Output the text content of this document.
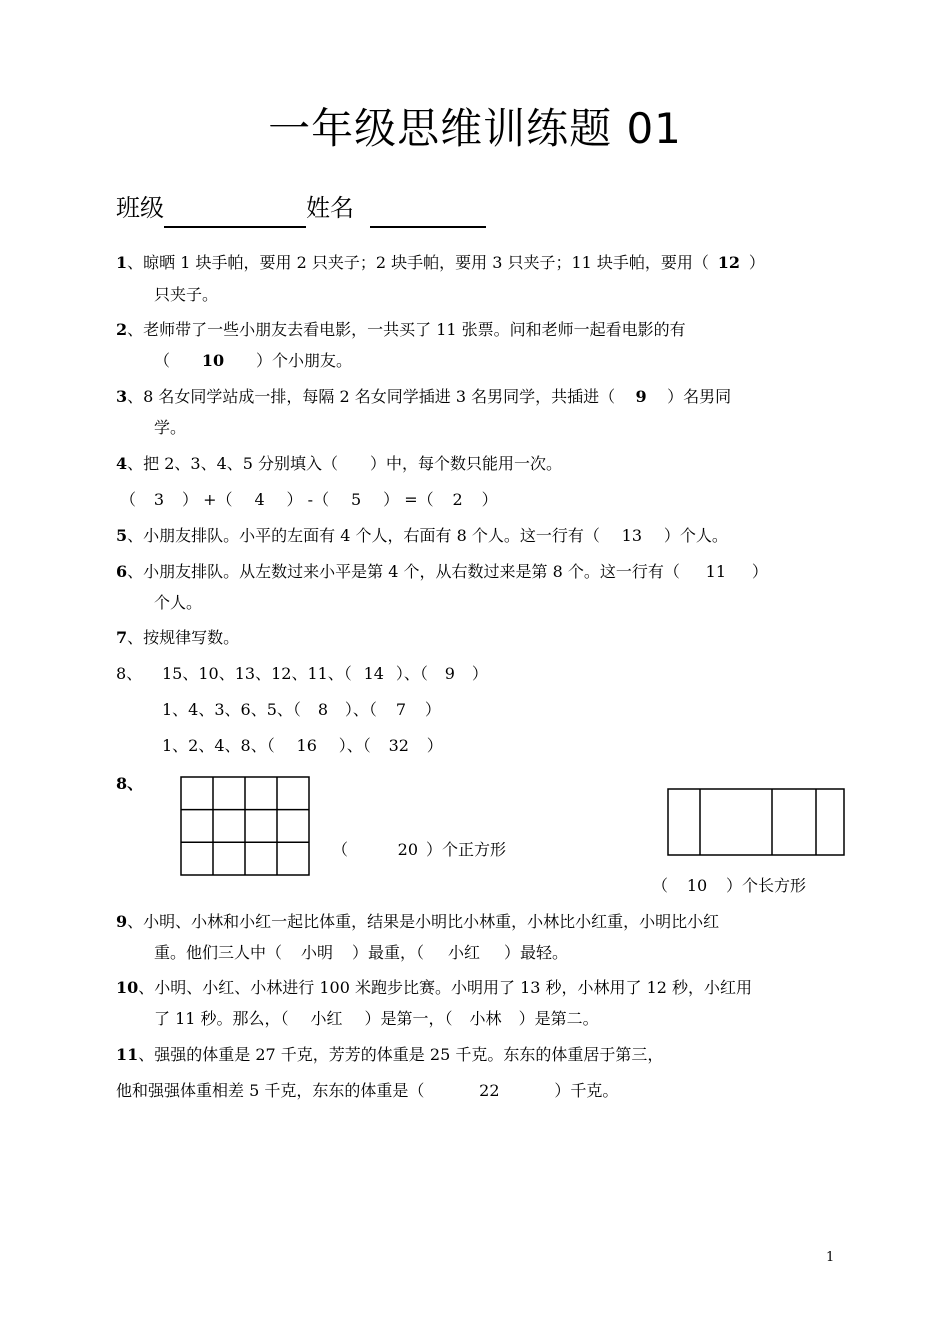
一年级思维训练题 01
班级	姓名
1、晾晒 1 块手帕，要用 2 只夹子；2 块手帕，要用 3 只夹子；11 块手帕，要用（ 12 ）
只夹子。
2、老师带了一些小朋友去看电影，一共买了 11 张票。问和老师一起看电影的有
（ 10 ）个小朋友。
3、8 名女同学站成一排，每隔 2 名女同学插进 3 名男同学，共插进（ 9 ）名男同
学。
4、把 2、3、4、5 分别填入（　　）中，每个数只能用一次。
（ 3 ） +（ 4 ） -（ 5 ） =（ 2 ）
5、小朋友排队。小平的左面有 4 个人，右面有 8 个人。这一行有（ 13 ）个人。
6、小朋友排队。从左数过来小平是第 4 个，从右数过来是第 8 个。这一行有（ 11 ）
个人。
7、按规律写数。
8、 15、10、13、12、11、（ 14 ）、（ 9 ）
1、4、3、6、5、（ 8 ）、（ 7 ）
1、2、4、8、（ 16 ）、（ 32 ）
8、
（	20 ）个正方形
（ 10 ）个长方形
9、小明、小林和小红一起比体重，结果是小明比小林重，小林比小红重，小明比小红
重。他们三人中（ 小明 ）最重，（ 小红 ）最轻。
10、小明、小红、小林进行 100 米跑步比赛。小明用了 13 秒，小林用了 12 秒，小红用
了 11 秒。那么，（ 小红 ）是第一，（ 小林 ）是第二。
11、强强的体重是 27 千克，芳芳的体重是 25 千克。东东的体重居于第三，
他和强强体重相差 5 千克，东东的体重是（	22	）千克。
1
